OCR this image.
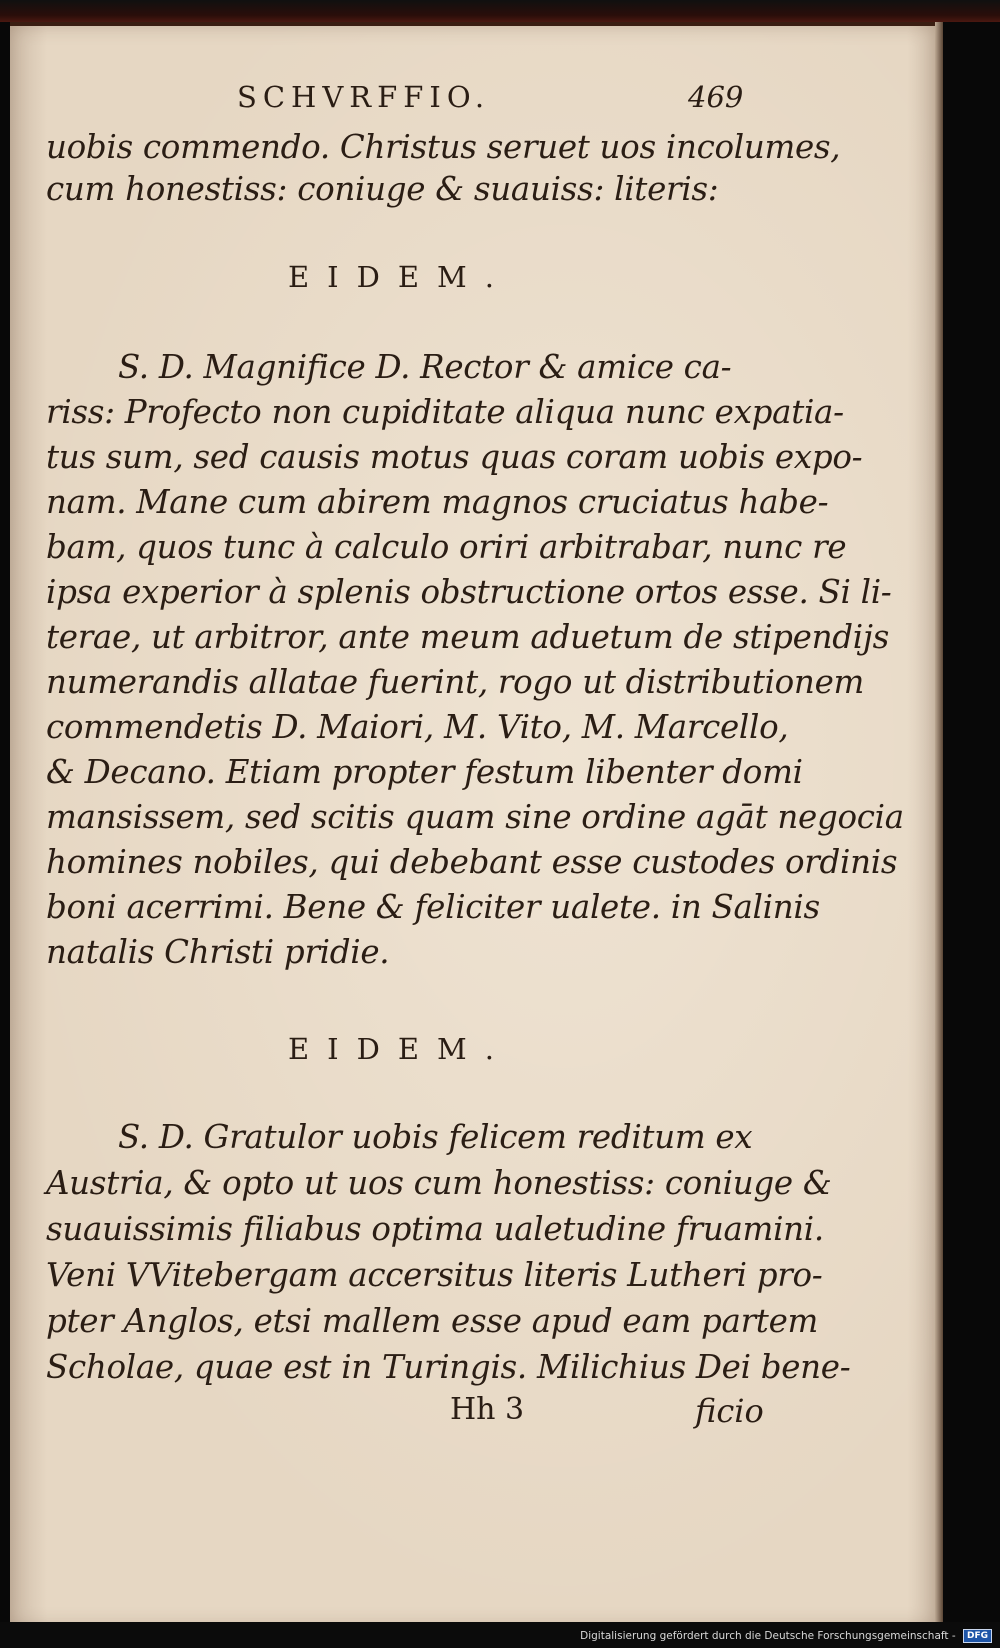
SCHVRFFIO.	469
uobis commendo. Christus seruet uos incolumes,
cum honestiss: coniuge & suauiss: literis:
EIDEM.
S. D. Magnifice D. Rector & amice ca-
riss: Profecto non cupiditate aliqua nunc expatia-
tus sum, sed causis motus quas coram uobis expo-
nam. Mane cum abirem magnos cruciatus habe-
bam, quos tunc à calculo oriri arbitrabar, nunc re
ipsa experior à splenis obstructione ortos esse. Si li-
terae, ut arbitror, ante meum aduetum de stipendijs
numerandis allatae fuerint, rogo ut distributionem
commendetis D. Maiori, M. Vito, M. Marcello,
& Decano. Etiam propter festum libenter domi
mansissem, sed scitis quam sine ordine agāt negocia
homines nobiles, qui debebant esse custodes ordinis
boni acerrimi. Bene & feliciter ualete. in Salinis
natalis Christi pridie.
EIDEM.
S. D. Gratulor uobis felicem reditum ex
Austria, & opto ut uos cum honestiss: coniuge &
suauissimis filiabus optima ualetudine fruamini.
Veni VVitebergam accersitus literis Lutheri pro-
pter Anglos, etsi mallem esse apud eam partem
Scholae, quae est in Turingis. Milichius Dei bene-
Hh 3	ficio
Digitalisierung gefördert durch die Deutsche Forschungsgemeinschaft - DFG
